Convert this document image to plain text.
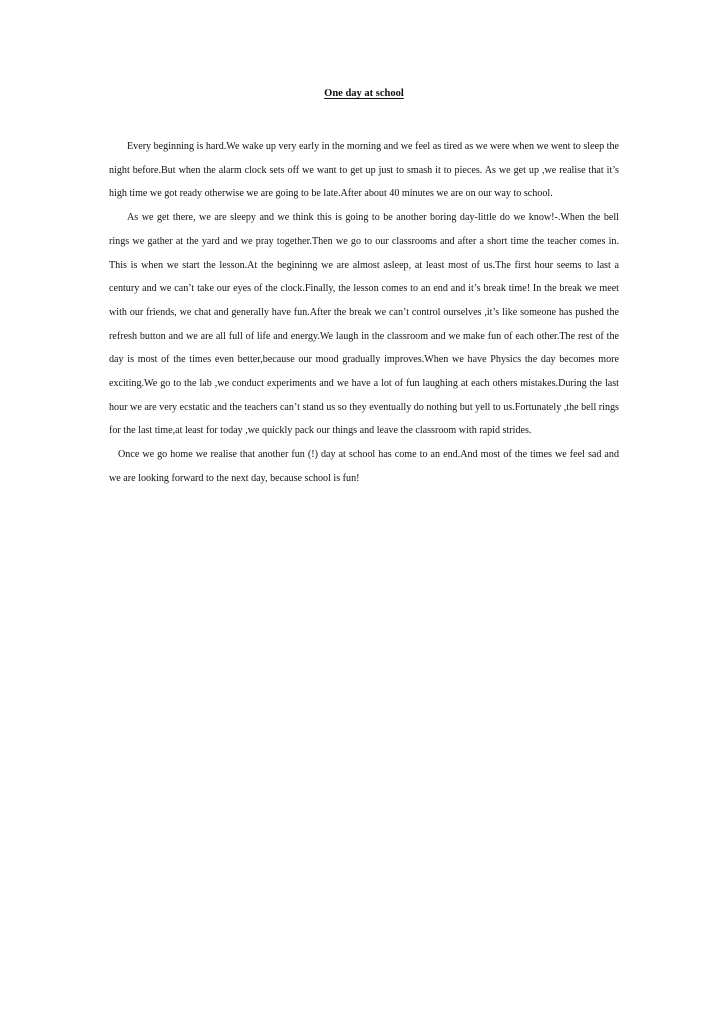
One day at school

Every beginning is hard.We wake up very early in the morning and we feel as tired as we were when we went to sleep the night before.But when the alarm clock sets off we want to get up just to smash it to pieces. As we get up ,we realise that it’s high time we got ready otherwise we are going to be late.After about 40 minutes we are on our way to school.

As we get there, we are sleepy and we think this is going to be another boring day-little do we know!-.When the bell rings we gather at the yard and we pray together.Then we go to our classrooms and after a short time the teacher comes in. This is when we start the lesson.At the begininng we are almost asleep, at least most of us.The first hour seems to last a century and we can’t take our eyes of the clock.Finally, the lesson comes to an end and it’s break time! In the break we meet with our friends, we chat and generally have fun.After the break we can’t control ourselves ,it’s like someone has pushed the refresh button and we are all full of life and energy.We laugh in the classroom and we make fun of each other.The rest of the day is most of the times even better,because our mood gradually improves.When we have Physics the day becomes more exciting.We go to the lab ,we conduct experiments and we have a lot of fun laughing at each others mistakes.During the last hour we are very ecstatic and the teachers can’t stand us so they eventually do nothing but yell to us.Fortunately ,the bell rings for the last time,at least for today ,we quickly pack our things and leave the classroom with rapid strides.

Once we go home we realise that another fun (!) day at school has come to an end.And most of the times we feel sad and we are looking forward to the next day, because school is fun!
